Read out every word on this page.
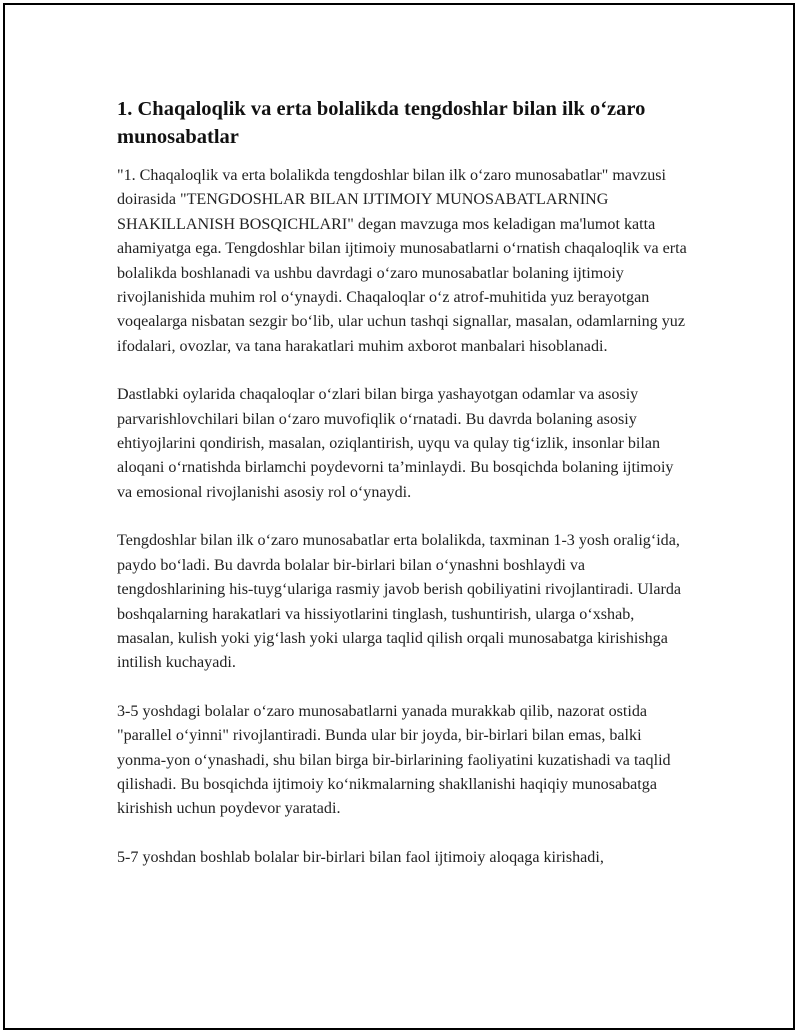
1. Chaqaloqlik va erta bolalikda tengdoshlar bilan ilk o‘zaro munosabatlar

"1. Chaqaloqlik va erta bolalikda tengdoshlar bilan ilk o‘zaro munosabatlar" mavzusi doirasida "TENGDOSHLAR BILAN IJTIMOIY MUNOSABATLARNING SHAKILLANISH BOSQICHLARI" degan mavzuga mos keladigan ma'lumot katta ahamiyatga ega. Tengdoshlar bilan ijtimoiy munosabatlarni o‘rnatish chaqaloqlik va erta bolalikda boshlanadi va ushbu davrdagi o‘zaro munosabatlar bolaning ijtimoiy rivojlanishida muhim rol o‘ynaydi. Chaqaloqlar o‘z atrof-muhitida yuz berayotgan voqealarga nisbatan sezgir bo‘lib, ular uchun tashqi signallar, masalan, odamlarning yuz ifodalari, ovozlar, va tana harakatlari muhim axborot manbalari hisoblanadi.

Dastlabki oylarida chaqaloqlar o‘zlari bilan birga yashayotgan odamlar va asosiy parvarishlovchilari bilan o‘zaro muvofiqlik o‘rnatadi. Bu davrda bolaning asosiy ehtiyojlarini qondirish, masalan, oziqlantirish, uyqu va qulay tig‘izlik, insonlar bilan aloqani o‘rnatishda birlamchi poydevorni ta’minlaydi. Bu bosqichda bolaning ijtimoiy va emosional rivojlanishi asosiy rol o‘ynaydi.

Tengdoshlar bilan ilk o‘zaro munosabatlar erta bolalikda, taxminan 1-3 yosh oralig‘ida, paydo bo‘ladi. Bu davrda bolalar bir-birlari bilan o‘ynashni boshlaydi va tengdoshlarining his-tuyg‘ulariga rasmiy javob berish qobiliyatini rivojlantiradi. Ularda boshqalarning harakatlari va hissiyotlarini tinglash, tushuntirish, ularga o‘xshab, masalan, kulish yoki yig‘lash yoki ularga taqlid qilish orqali munosabatga kirishishga intilish kuchayadi.

3-5 yoshdagi bolalar o‘zaro munosabatlarni yanada murakkab qilib, nazorat ostida "parallel o‘yinni" rivojlantiradi. Bunda ular bir joyda, bir-birlari bilan emas, balki yonma-yon o‘ynashadi, shu bilan birga bir-birlarining faoliyatini kuzatishadi va taqlid qilishadi. Bu bosqichda ijtimoiy ko‘nikmalarning shakllanishi haqiqiy munosabatga kirishish uchun poydevor yaratadi.

5-7 yoshdan boshlab bolalar bir-birlari bilan faol ijtimoiy aloqaga kirishadi,
